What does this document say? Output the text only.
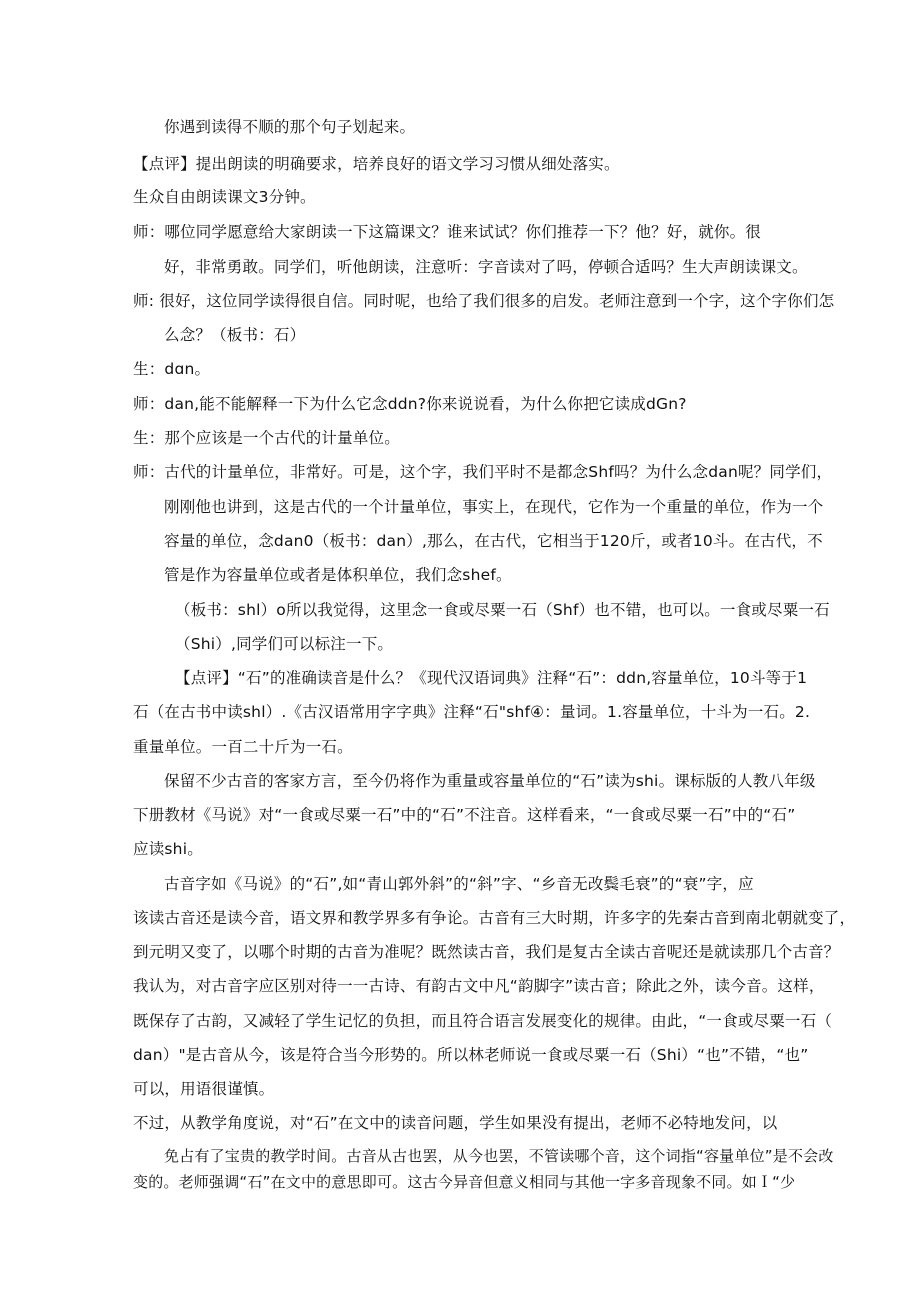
你遇到读得不顺的那个句子划起来。
【点评】提出朗读的明确要求，培养良好的语文学习习惯从细处落实。
生众自由朗读课文3分钟。
师：哪位同学愿意给大家朗读一下这篇课文？谁来试试？你们推荐一下？他？好，就你。很
好，非常勇敢。同学们，听他朗读，注意听：字音读对了吗，停顿合适吗？生大声朗读课文。
师: 很好，这位同学读得很自信。同时呢，也给了我们很多的启发。老师注意到一个字，这个字你们怎
么念？（板书：石）
生：dɑn。
师：dan,能不能解释一下为什么它念ddn?你来说说看，为什么你把它读成dGn?
生：那个应该是一个古代的计量单位。
师：古代的计量单位，非常好。可是，这个字，我们平时不是都念Shf吗？为什么念dan呢？同学们，
刚刚他也讲到，这是古代的一个计量单位，事实上，在现代，它作为一个重量的单位，作为一个
容量的单位，念dan0（板书：dan）,那么，在古代，它相当于120斤，或者10斗。在古代，不
管是作为容量单位或者是体积单位，我们念shef。
（板书：shl）o所以我觉得，这里念一食或尽粟一石（Shf）也不错，也可以。一食或尽粟一石
（Shi）,同学们可以标注一下。
【点评】“石”的准确读音是什么？《现代汉语词典》注释“石”：ddn,容量单位，10斗等于1
石（在古书中读shl）.《古汉语常用字字典》注释“石"shf④：量词。1.容量单位，十斗为一石。2.
重量单位。一百二十斤为一石。
保留不少古音的客家方言，至今仍将作为重量或容量单位的“石”读为shi。课标版的人教八年级
下册教材《马说》对“一食或尽粟一石”中的“石”不注音。这样看来，“一食或尽粟一石”中的“石”
应读shi。
古音字如《马说》的“石”,如“青山郭外斜”的“斜”字、“乡音无改鬓毛衰”的“衰”字，应
该读古音还是读今音，语文界和教学界多有争论。古音有三大时期，许多字的先秦古音到南北朝就变了，
到元明又变了，以哪个时期的古音为准呢？既然读古音，我们是复古全读古音呢还是就读那几个古音？
我认为，对古音字应区别对待一一古诗、有韵古文中凡“韵脚字”读古音；除此之外，读今音。这样，
既保存了古韵，又减轻了学生记忆的负担，而且符合语言发展变化的规律。由此，“一食或尽粟一石（
dan）"是古音从今，该是符合当今形势的。所以林老师说一食或尽粟一石（Shi）“也”不错，“也”
可以，用语很谨慎。
不过，从教学角度说，对“石”在文中的读音问题，学生如果没有提出，老师不必特地发问，以
免占有了宝贵的教学时间。古音从古也罢，从今也罢，不管读哪个音，这个词指“容量单位”是不会改
变的。老师强调“石”在文中的意思即可。这古今异音但意义相同与其他一字多音现象不同。如Ｉ“少
